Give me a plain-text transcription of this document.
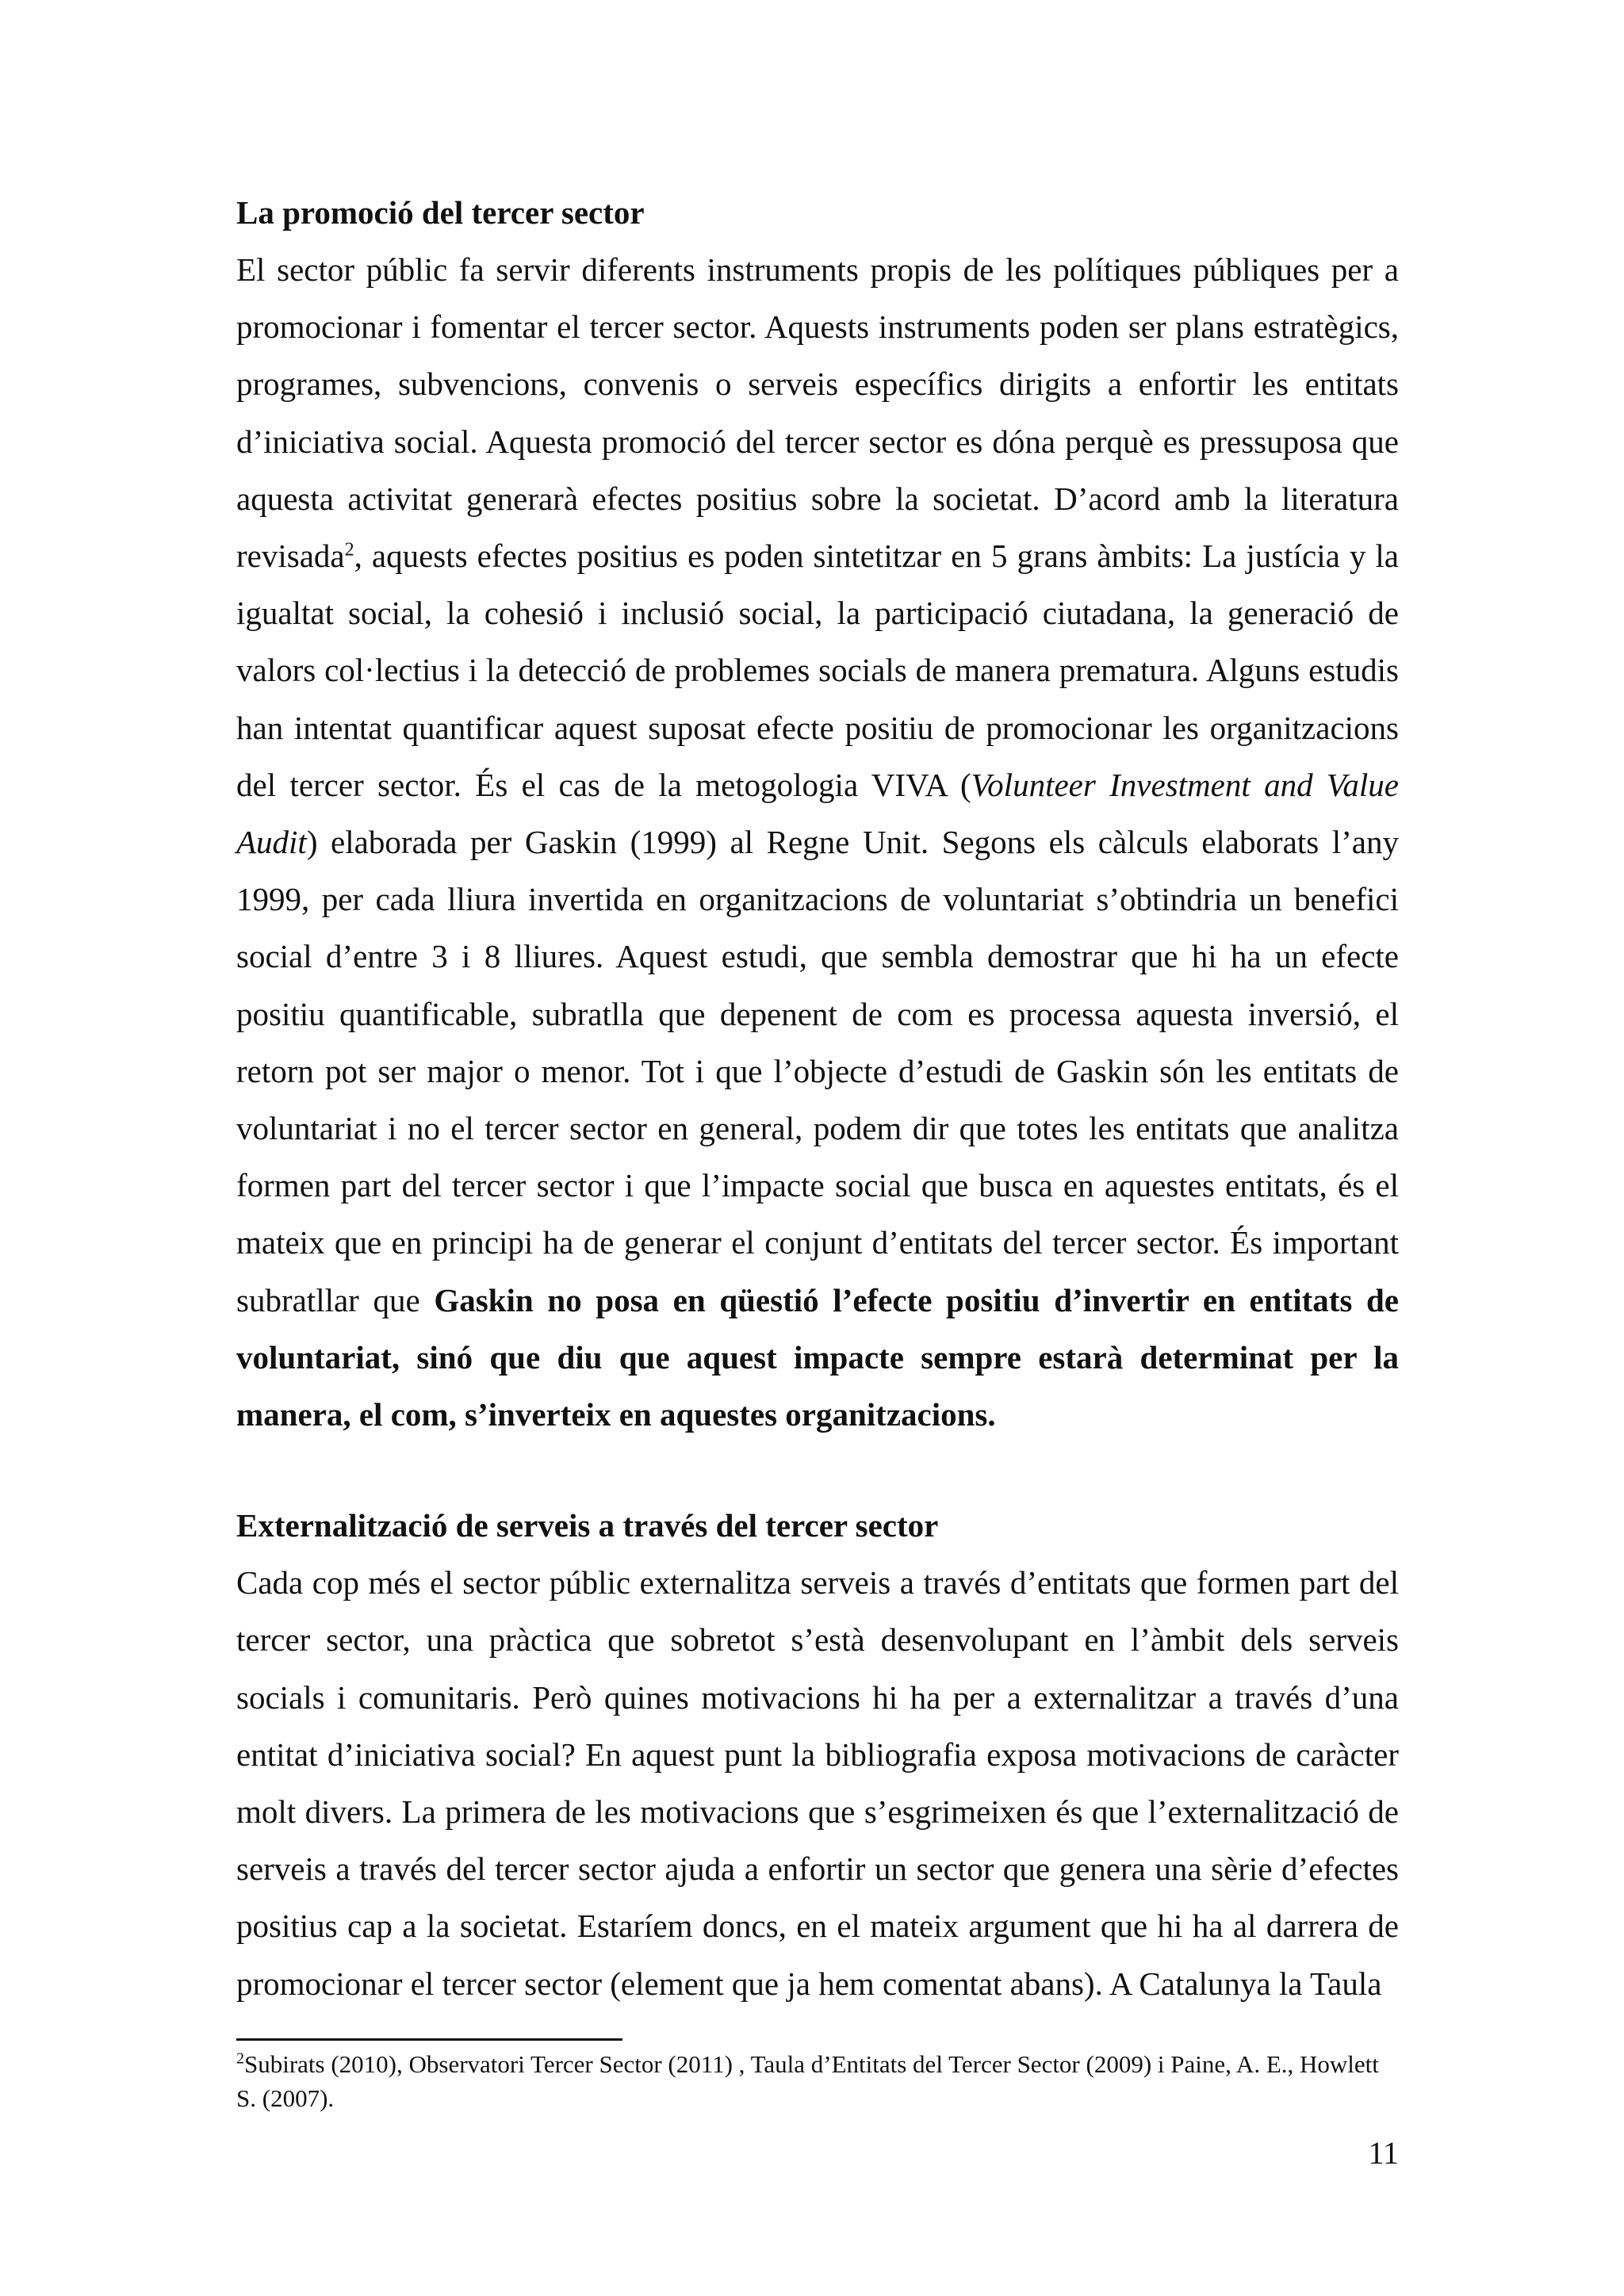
La promoció del tercer sector

El sector públic fa servir diferents instruments propis de les polítiques públiques per a promocionar i fomentar el tercer sector. Aquests instruments poden ser plans estratègics, programes, subvencions, convenis o serveis específics dirigits a enfortir les entitats d’iniciativa social. Aquesta promoció del tercer sector es dóna perquè es pressuposa que aquesta activitat generarà efectes positius sobre la societat. D’acord amb la literatura revisada$^2$, aquests efectes positius es poden sintetitzar en 5 grans àmbits: La justícia y la igualtat social, la cohesió i inclusió social, la participació ciutadana, la generació de valors col·lectius i la detecció de problemes socials de manera prematura. Alguns estudis han intentat quantificar aquest suposat efecte positiu de promocionar les organitzacions del tercer sector. És el cas de la metogologia VIVA (Volunteer Investment and Value Audit) elaborada per Gaskin (1999) al Regne Unit. Segons els càlculs elaborats l’any 1999, per cada lliura invertida en organitzacions de voluntariat s’obtindria un benefici social d’entre 3 i 8 lliures. Aquest estudi, que sembla demostrar que hi ha un efecte positiu quantificable, subratlla que depenent de com es processa aquesta inversió, el retorn pot ser major o menor. Tot i que l’objecte d’estudi de Gaskin són les entitats de voluntariat i no el tercer sector en general, podem dir que totes les entitats que analitza formen part del tercer sector i que l’impacte social que busca en aquestes entitats, és el mateix que en principi ha de generar el conjunt d’entitats del tercer sector. És important subratllar que Gaskin no posa en qüestió l’efecte positiu d’invertir en entitats de voluntariat, sinó que diu que aquest impacte sempre estarà determinat per la manera, el com, s’inverteix en aquestes organitzacions.

Externalització de serveis a través del tercer sector

Cada cop més el sector públic externalitza serveis a través d’entitats que formen part del tercer sector, una pràctica que sobretot s’està desenvolupant en l’àmbit dels serveis socials i comunitaris. Però quines motivacions hi ha per a externalitzar a través d’una entitat d’iniciativa social? En aquest punt la bibliografia exposa motivacions de caràcter molt divers. La primera de les motivacions que s’esgrimeixen és que l’externalització de serveis a través del tercer sector ajuda a enfortir un sector que genera una sèrie d’efectes positius cap a la societat. Estaríem doncs, en el mateix argument que hi ha al darrera de promocionar el tercer sector (element que ja hem comentat abans). A Catalunya la Taula

$^2$Subirats (2010), Observatori Tercer Sector (2011) , Taula d’Entitats del Tercer Sector (2009) i Paine, A. E., Howlett S. (2007).

11
